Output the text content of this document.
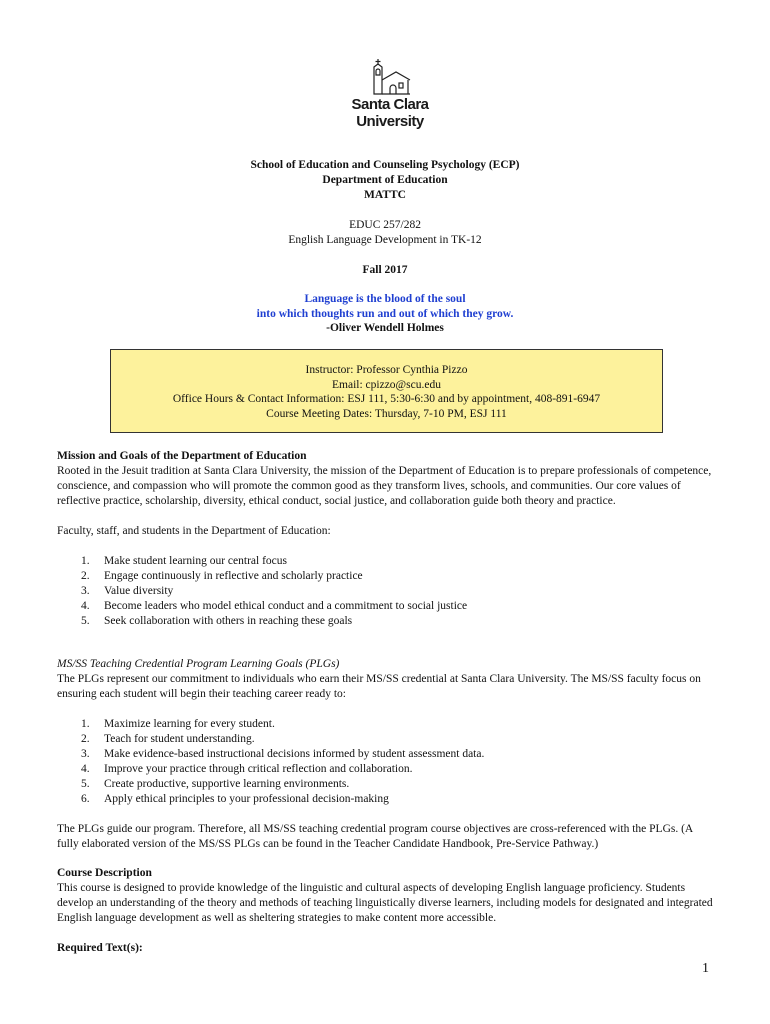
Santa Clara
University
School of Education and Counseling Psychology (ECP)
Department of Education
MATTC
EDUC 257/282
English Language Development in TK-12
Fall 2017
Language is the blood of the soul
into which thoughts run and out of which they grow.
-Oliver Wendell Holmes
Instructor: Professor Cynthia Pizzo
Email: cpizzo@scu.edu
Office Hours & Contact Information: ESJ 111, 5:30-6:30 and by appointment, 408-891-6947
Course Meeting Dates: Thursday, 7-10 PM, ESJ 111

Mission and Goals of the Department of Education

Rooted in the Jesuit tradition at Santa Clara University, the mission of the Department of Education is to prepare professionals of competence, conscience, and compassion who will promote the common good as they transform lives, schools, and communities. Our core values of reflective practice, scholarship, diversity, ethical conduct, social justice, and collaboration guide both theory and practice.

Faculty, staff, and students in the Department of Education:

1. Make student learning our central focus
2. Engage continuously in reflective and scholarly practice
3. Value diversity
4. Become leaders who model ethical conduct and a commitment to social justice
5. Seek collaboration with others in reaching these goals

MS/SS Teaching Credential Program Learning Goals (PLGs)

The PLGs represent our commitment to individuals who earn their MS/SS credential at Santa Clara University. The MS/SS faculty focus on ensuring each student will begin their teaching career ready to:

1. Maximize learning for every student.
2. Teach for student understanding.
3. Make evidence-based instructional decisions informed by student assessment data.
4. Improve your practice through critical reflection and collaboration.
5. Create productive, supportive learning environments.
6. Apply ethical principles to your professional decision-making

The PLGs guide our program. Therefore, all MS/SS teaching credential program course objectives are cross-referenced with the PLGs. (A fully elaborated version of the MS/SS PLGs can be found in the Teacher Candidate Handbook, Pre-Service Pathway.)

Course Description

This course is designed to provide knowledge of the linguistic and cultural aspects of developing English language proficiency. Students develop an understanding of the theory and methods of teaching linguistically diverse learners, including models for designated and integrated English language development as well as sheltering strategies to make content more accessible.

Required Text(s):

1
